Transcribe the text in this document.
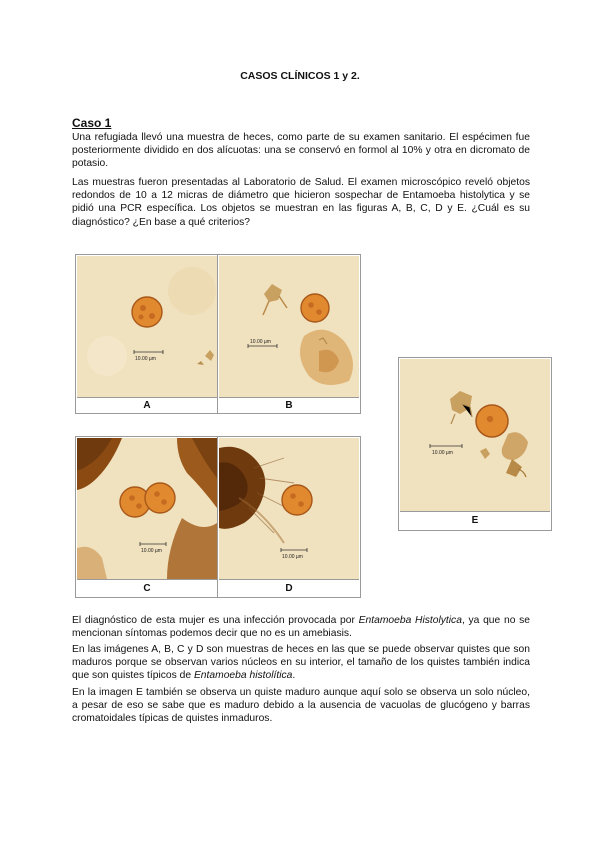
CASOS CLÍNICOS 1 y 2.
Caso 1

Una refugiada llevó una muestra de heces, como parte de su examen sanitario. El espécimen fue posteriormente dividido en dos alícuotas: una se conservó en formol al 10% y otra en dicromato de potasio.

Las muestras fueron presentadas al Laboratorio de Salud. El examen microscópico reveló objetos redondos de 10 a 12 micras de diámetro que hicieron sospechar de Entamoeba histolytica y se pidió una PCR específica. Los objetos se muestran en las figuras A, B, C, D y E. ¿Cuál es su diagnóstico? ¿En base a qué criterios?

10.00 µm
A
10.00 µm
B
10.00 µm
C
10.00 µm
D
10.00 µm
E

El diagnóstico de esta mujer es una infección provocada por Entamoeba Histolytica, ya que no se mencionan síntomas podemos decir que no es un amebiasis.

En las imágenes A, B, C y D son muestras de heces en las que se puede observar quistes que son maduros porque se observan varios núcleos en su interior, el tamaño de los quistes también indica que son quistes típicos de Entamoeba histolítica.

En la imagen E también se observa un quiste maduro aunque aquí solo se observa un solo núcleo, a pesar de eso se sabe que es maduro debido a la ausencia de vacuolas de glucógeno y barras cromatoidales típicas de quistes inmaduros.
